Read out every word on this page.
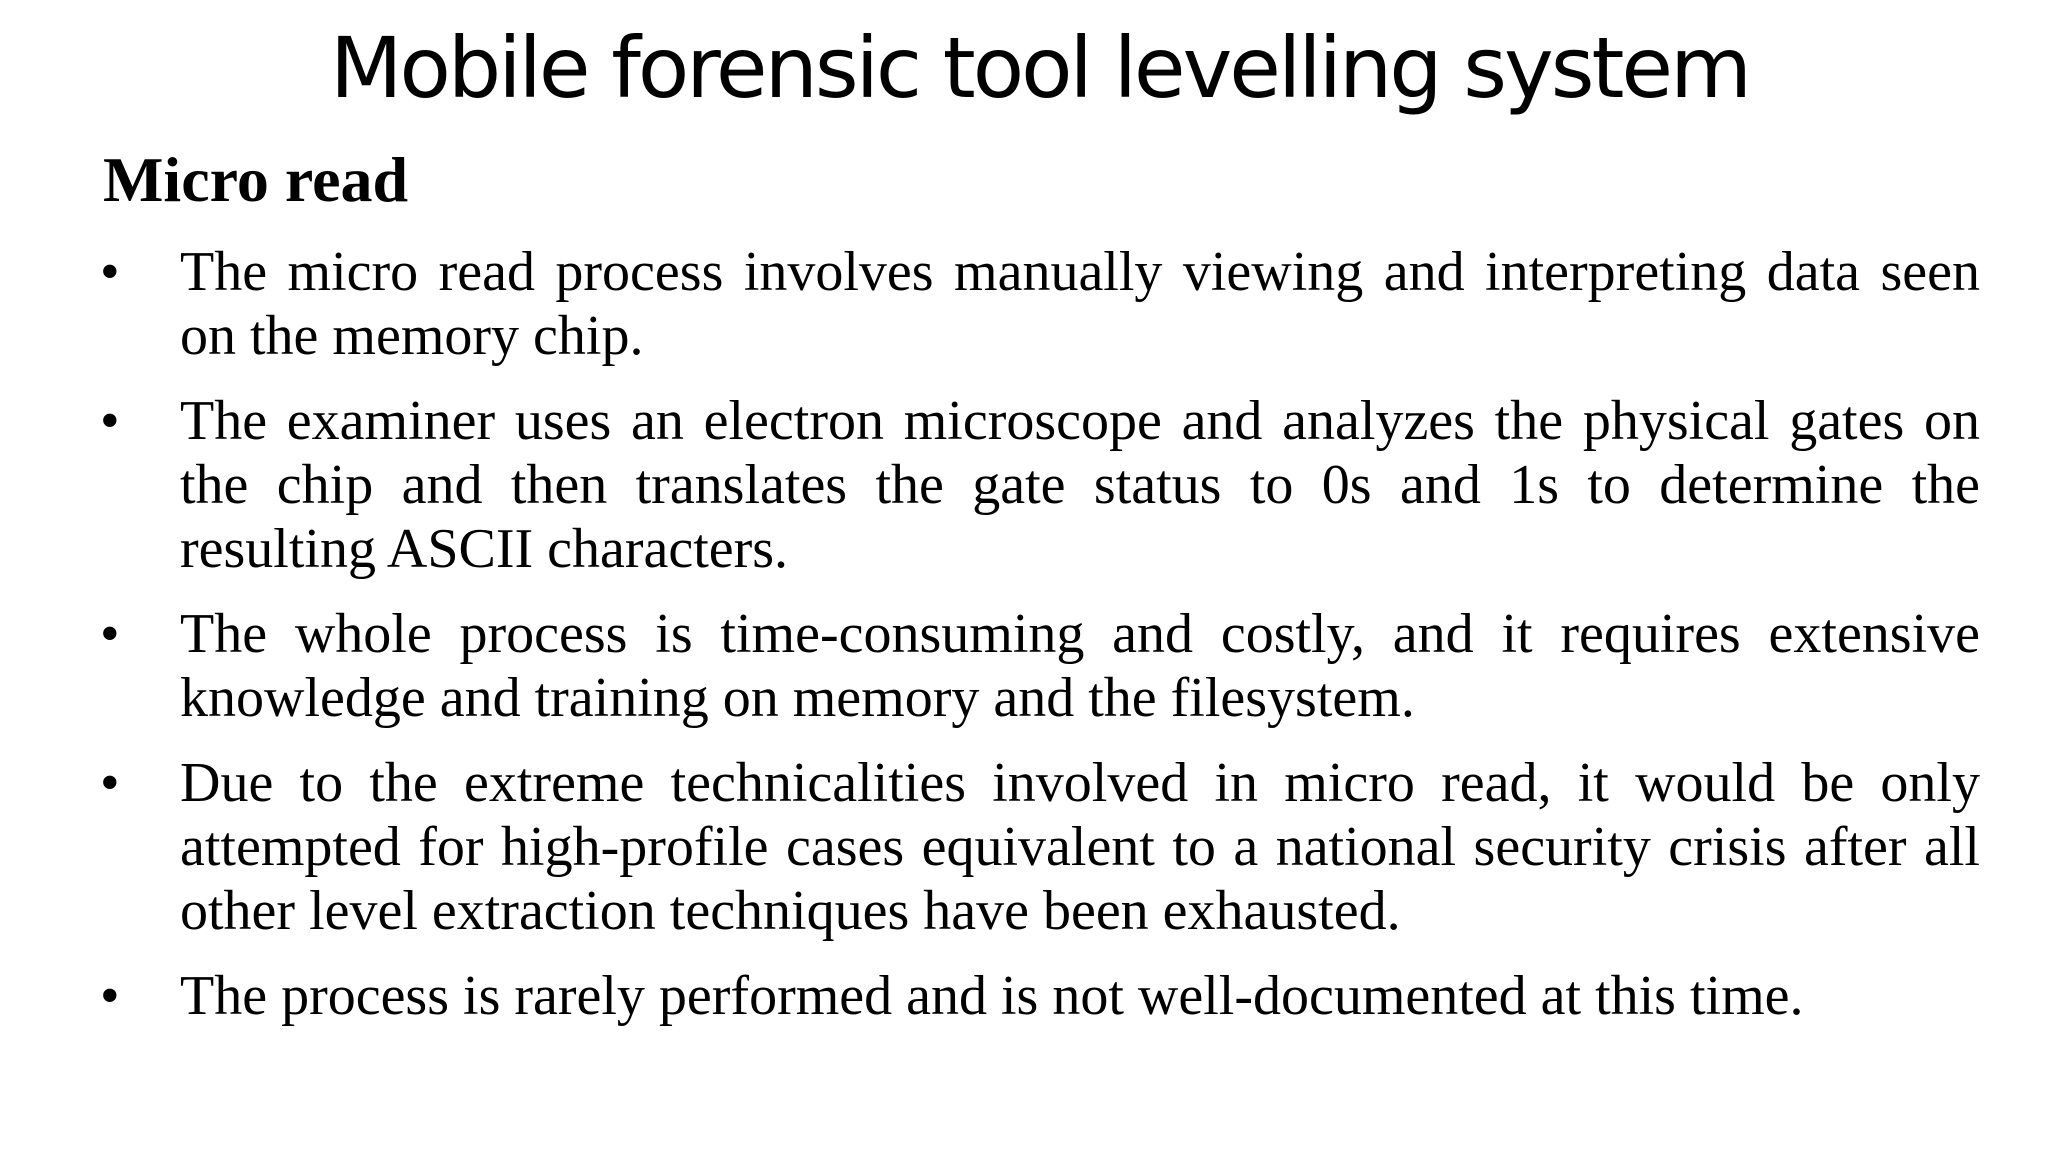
Mobile forensic tool levelling system
Micro read
•	The micro read process involves manually viewing and interpreting data seen on the memory chip.
•	The examiner uses an electron microscope and analyzes the physical gates on the chip and then translates the gate status to 0s and 1s to determine the resulting ASCII characters.
•	The whole process is time-consuming and costly, and it requires extensive knowledge and training on memory and the filesystem.
•	Due to the extreme technicalities involved in micro read, it would be only attempted for high-profile cases equivalent to a national security crisis after all other level extraction techniques have been exhausted.
•	The process is rarely performed and is not well-documented at this time.
